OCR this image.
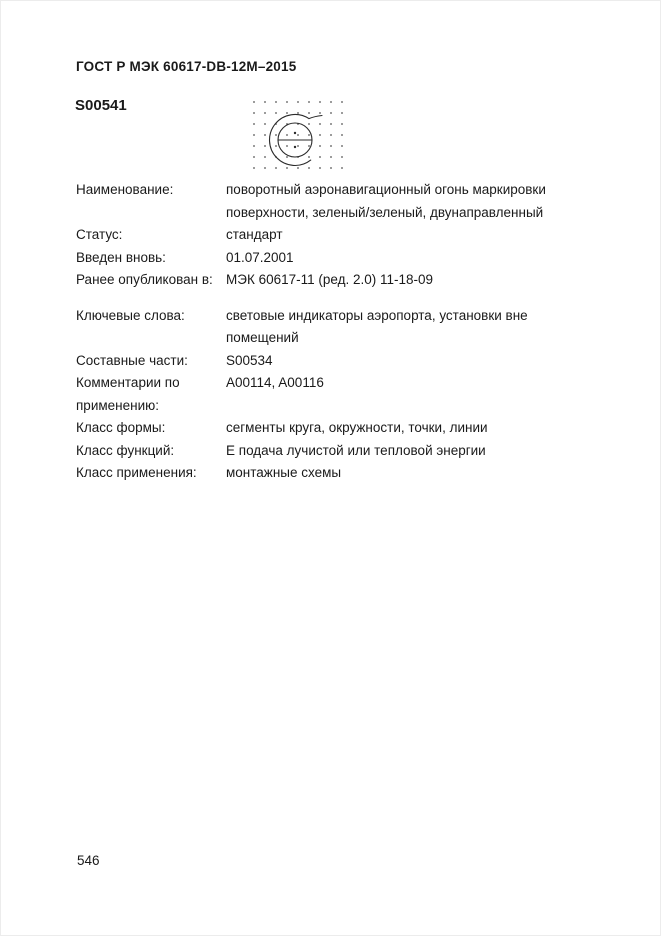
ГОСТ Р МЭК 60617-DB-12M–2015
S00541
Наименование:	поворотный аэронавигационный огонь маркировки поверхности, зеленый/зеленый, двунаправленный
Статус:	стандарт
Введен вновь:	01.07.2001
Ранее опубликован в: МЭК 60617-11 (ред. 2.0) 11-18-09
Ключевые слова:	световые индикаторы аэропорта, установки вне помещений
Составные части:	S00534
Комментарии по применению:
A00114, A00116
Класс формы:	сегменты круга, окружности, точки, линии
Класс функций:	Е подача лучистой или тепловой энергии
Класс применения:	монтажные схемы
546
